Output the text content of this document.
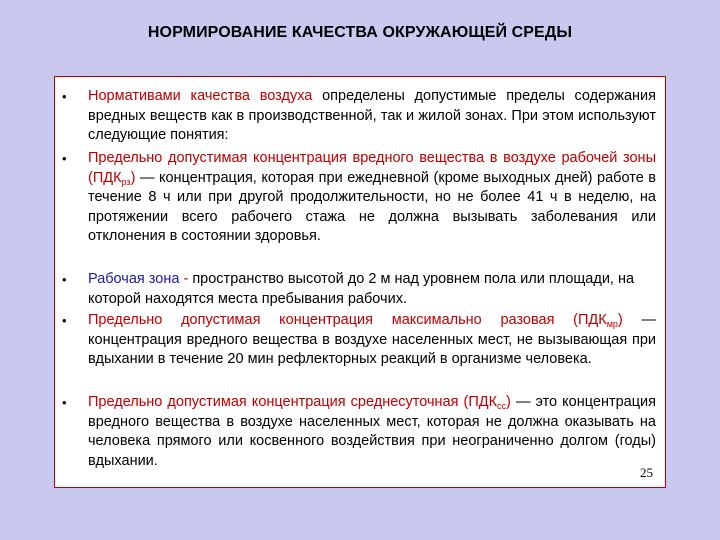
НОРМИРОВАНИЕ КАЧЕСТВА ОКРУЖАЮЩЕЙ СРЕДЫ
• Нормативами качества воздуха определены допустимые пределы содержания вредных веществ как в производственной, так и жилой зонах. При этом используют следующие понятия:
• Предельно допустимая концентрация вредного вещества в воздухе рабочей зоны $(ПДК_{рз})$ — концентрация, которая при ежедневной (кроме выходных дней) работе в течение 8 ч или при другой продолжительности, но не более 41 ч в неделю, на протяжении всего рабочего стажа не должна вызывать заболевания или отклонения в состоянии здоровья.
• Рабочая зона - пространство высотой до 2 м над уровнем пола или площади, на которой находятся места пребывания рабочих.
• Предельно допустимая концентрация максимально разовая $(ПДК_{мр})$ — концентрация вредного вещества в воздухе населенных мест, не вызывающая при вдыхании в течение 20 мин рефлекторных реакций в организме человека.
• Предельно допустимая концентрация среднесуточная $(ПДК_{сс})$ — это концентрация вредного вещества в воздухе населенных мест, которая не должна оказывать на человека прямого или косвенного воздействия при неограниченно долгом (годы) вдыхании.
25
